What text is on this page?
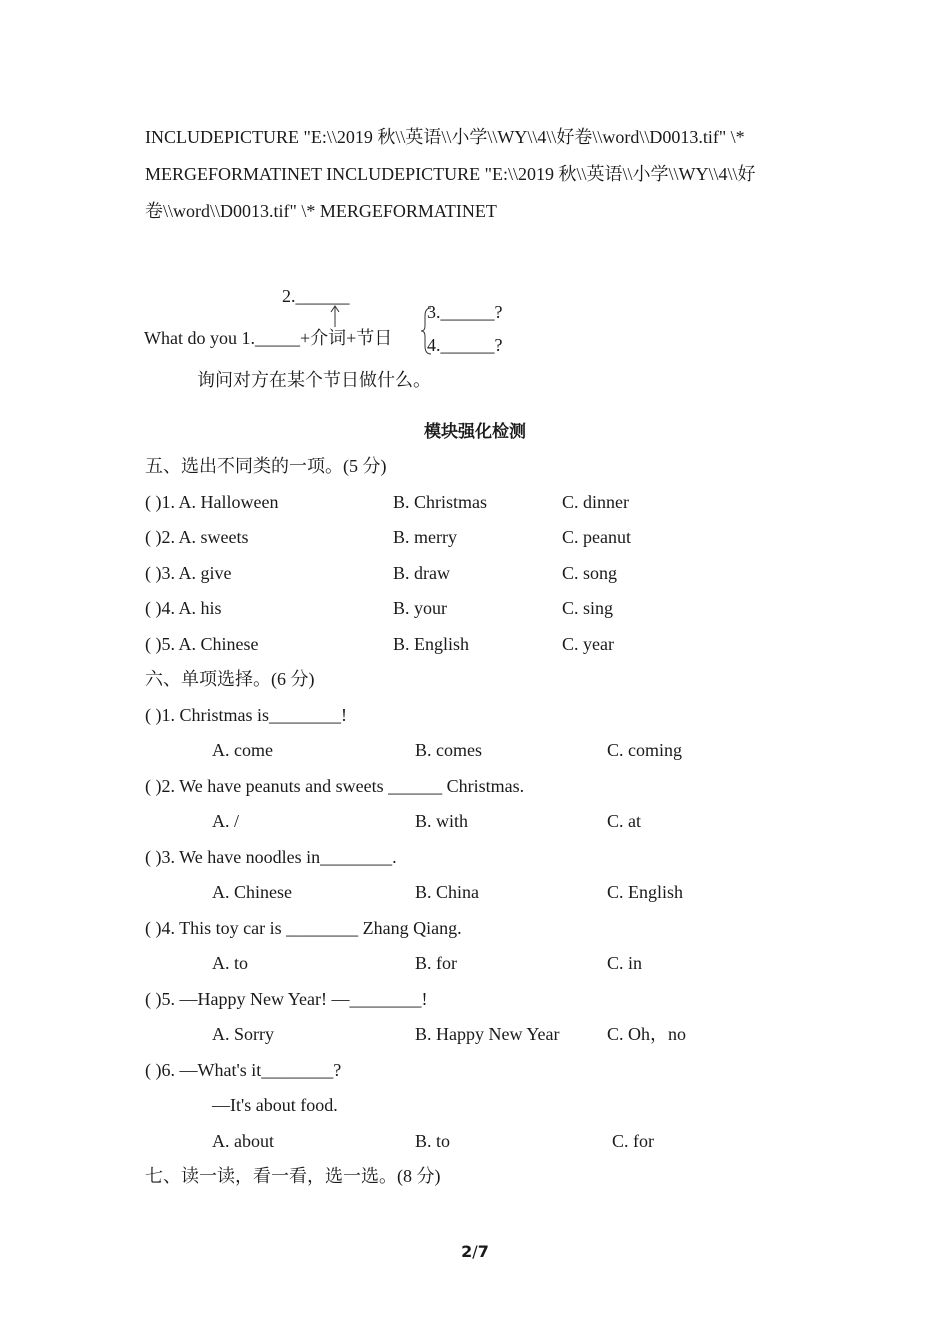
INCLUDEPICTURE "E:\\2019 秋\\英语\\小学\\WY\\4\\好卷\\word\\D0013.tif" \*
MERGEFORMATINET INCLUDEPICTURE "E:\\2019 秋\\英语\\小学\\WY\\4\\好
卷\\word\\D0013.tif" \* MERGEFORMATINET
2.______
What do you 1._____+介词+节日
3.______?
4.______?
询问对方在某个节日做什么。
模块强化检测
五、选出不同类的一项。(5 分)
( )1. A. Halloween	B. Christmas	C. dinner
( )2. A. sweets	B. merry	C. peanut
( )3. A. give	B. draw	C. song
( )4. A. his	B. your	C. sing
( )5. A. Chinese	B. English	C. year
六、单项选择。(6 分)
( )1. Christmas is________!
A. come	B. comes	C. coming
( )2. We have peanuts and sweets ______ Christmas.
A. /	B. with	C. at
( )3. We have noodles in________.
A. Chinese	B. China	C. English
( )4. This toy car is ________ Zhang Qiang.
A. to	B. for	C. in
( )5. —Happy New Year! —________!
A. Sorry	B. Happy New Year	C. Oh，no
( )6. —What's it________?
—It's about food.
A. about	B. to	C. for
七、读一读，看一看，选一选。(8 分)
2/7
